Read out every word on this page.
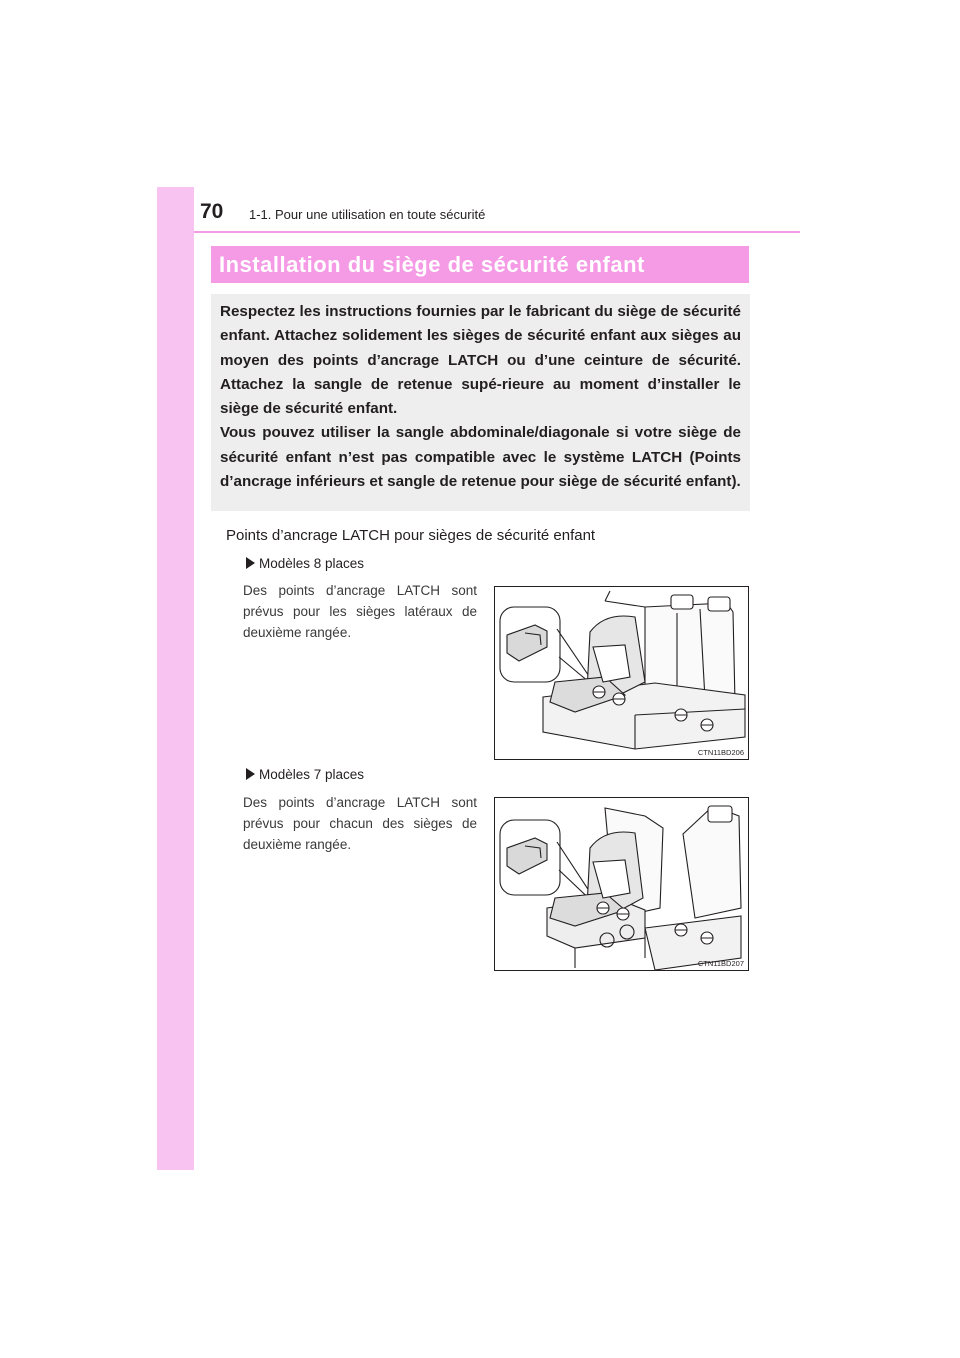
70 1-1. Pour une utilisation en toute sécurité
Installation du siège de sécurité enfant

Respectez les instructions fournies par le fabricant du siège de sécurité enfant. Attachez solidement les sièges de sécurité enfant aux sièges au moyen des points d’ancrage LATCH ou d’une ceinture de sécurité. Attachez la sangle de retenue supé-rieure au moment d’installer le siège de sécurité enfant.

Vous pouvez utiliser la sangle abdominale/diagonale si votre siège de sécurité enfant n’est pas compatible avec le système LATCH (Points d’ancrage inférieurs et sangle de retenue pour siège de sécurité enfant).

Points d’ancrage LATCH pour sièges de sécurité enfant
Modèles 8 places
Des points d’ancrage LATCH sont prévus pour les sièges latéraux de deuxième rangée.
CTN11BD206
Modèles 7 places
Des points d’ancrage LATCH sont prévus pour chacun des sièges de deuxième rangée.
CTN11BD207
